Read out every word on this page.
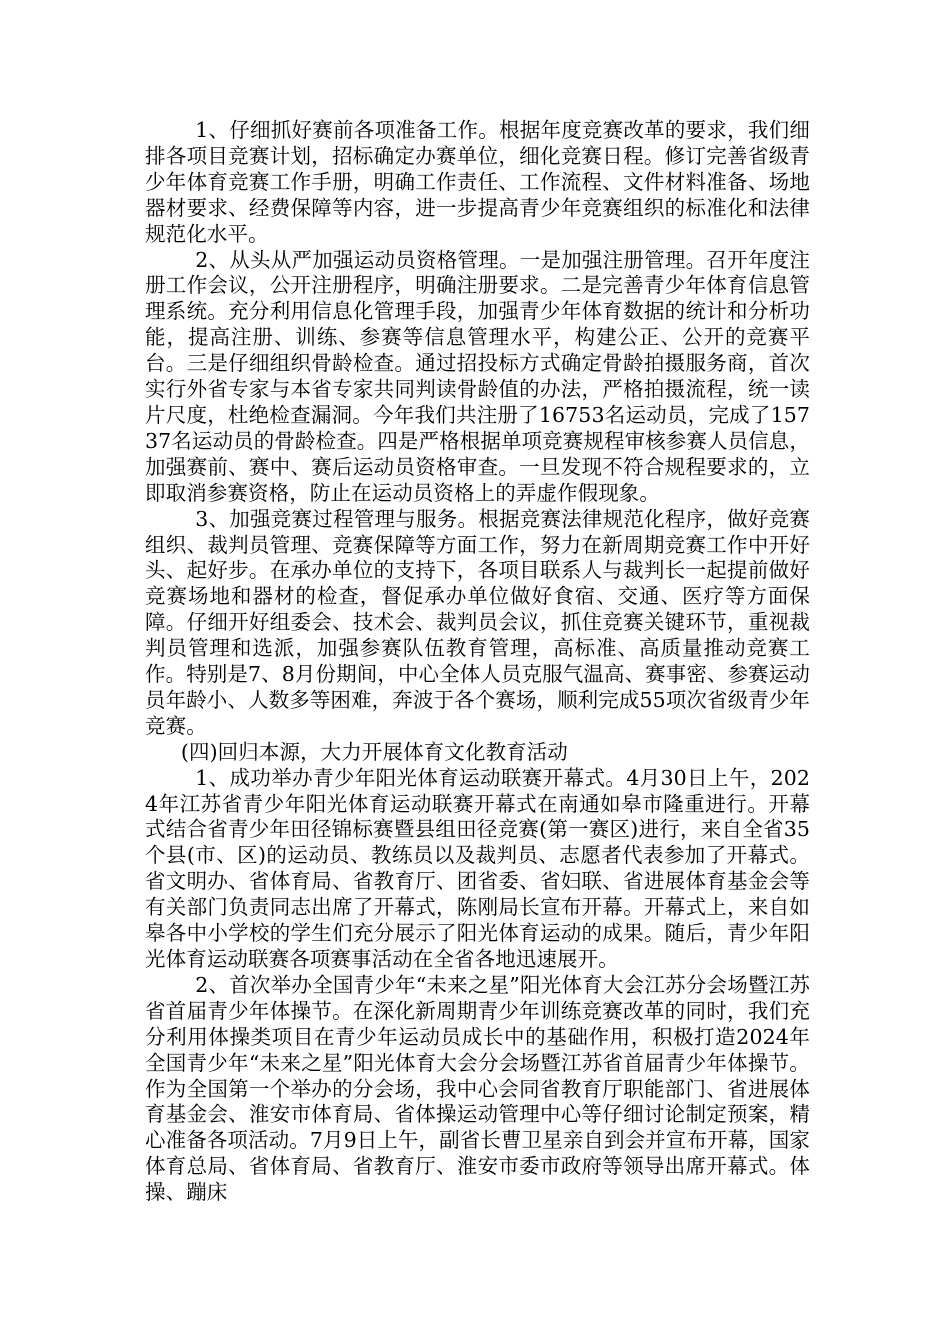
1、仔细抓好赛前各项准备工作。根据年度竞赛改革的要求，我们细排各项目竞赛计划，招标确定办赛单位，细化竞赛日程。修订完善省级青少年体育竞赛工作手册，明确工作责任、工作流程、文件材料准备、场地器材要求、经费保障等内容，进一步提高青少年竞赛组织的标准化和法律规范化水平。

2、从头从严加强运动员资格管理。一是加强注册管理。召开年度注册工作会议，公开注册程序，明确注册要求。二是完善青少年体育信息管理系统。充分利用信息化管理手段，加强青少年体育数据的统计和分析功能，提高注册、训练、参赛等信息管理水平，构建公正、公开的竞赛平台。三是仔细组织骨龄检查。通过招投标方式确定骨龄拍摄服务商，首次实行外省专家与本省专家共同判读骨龄值的办法，严格拍摄流程，统一读片尺度，杜绝检查漏洞。今年我们共注册了16753名运动员，完成了15737名运动员的骨龄检查。四是严格根据单项竞赛规程审核参赛人员信息，加强赛前、赛中、赛后运动员资格审查。一旦发现不符合规程要求的，立即取消参赛资格，防止在运动员资格上的弄虚作假现象。

3、加强竞赛过程管理与服务。根据竞赛法律规范化程序，做好竞赛组织、裁判员管理、竞赛保障等方面工作，努力在新周期竞赛工作中开好头、起好步。在承办单位的支持下，各项目联系人与裁判长一起提前做好竞赛场地和器材的检查，督促承办单位做好食宿、交通、医疗等方面保障。仔细开好组委会、技术会、裁判员会议，抓住竞赛关键环节，重视裁判员管理和选派，加强参赛队伍教育管理，高标准、高质量推动竞赛工作。特别是7、8月份期间，中心全体人员克服气温高、赛事密、参赛运动员年龄小、人数多等困难，奔波于各个赛场，顺利完成55项次省级青少年竞赛。

(四)回归本源，大力开展体育文化教育活动

1、成功举办青少年阳光体育运动联赛开幕式。4月30日上午，2024年江苏省青少年阳光体育运动联赛开幕式在南通如皋市隆重进行。开幕式结合省青少年田径锦标赛暨县组田径竞赛(第一赛区)进行，来自全省35个县(市、区)的运动员、教练员以及裁判员、志愿者代表参加了开幕式。省文明办、省体育局、省教育厅、团省委、省妇联、省进展体育基金会等有关部门负责同志出席了开幕式，陈刚局长宣布开幕。开幕式上，来自如皋各中小学校的学生们充分展示了阳光体育运动的成果。随后，青少年阳光体育运动联赛各项赛事活动在全省各地迅速展开。

2、首次举办全国青少年“未来之星”阳光体育大会江苏分会场暨江苏省首届青少年体操节。在深化新周期青少年训练竞赛改革的同时，我们充分利用体操类项目在青少年运动员成长中的基础作用，积极打造2024年全国青少年“未来之星”阳光体育大会分会场暨江苏省首届青少年体操节。作为全国第一个举办的分会场，我中心会同省教育厅职能部门、省进展体育基金会、淮安市体育局、省体操运动管理中心等仔细讨论制定预案，精心准备各项活动。7月9日上午，副省长曹卫星亲自到会并宣布开幕，国家体育总局、省体育局、省教育厅、淮安市委市政府等领导出席开幕式。体操、蹦床
